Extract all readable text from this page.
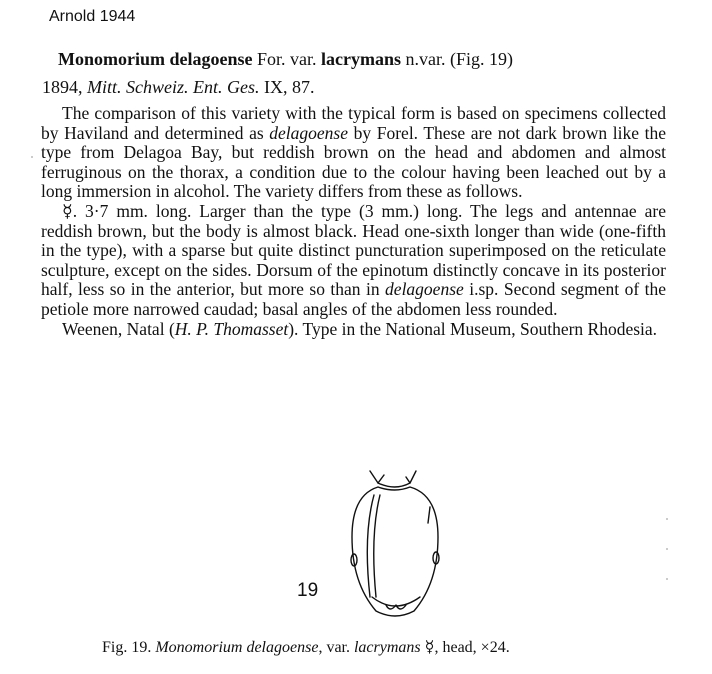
Arnold 1944
Monomorium delagoense For. var. lacrymans n.var. (Fig. 19)
1894, Mitt. Schweiz. Ent. Ges. IX, 87.

The comparison of this variety with the typical form is based on specimens collected by Haviland and determined as delagoense by Forel. These are not dark brown like the type from Delagoa Bay, but reddish brown on the head and abdomen and almost ferruginous on the thorax, a condition due to the colour having been leached out by a long immersion in alcohol. The variety differs from these as follows.

☿. 3·7 mm. long. Larger than the type (3 mm.) long. The legs and antennae are reddish brown, but the body is almost black. Head one-sixth longer than wide (one-fifth in the type), with a sparse but quite distinct puncturation superimposed on the reticulate sculpture, except on the sides. Dorsum of the epinotum distinctly concave in its posterior half, less so in the anterior, but more so than in delagoense i.sp. Second segment of the petiole more narrowed caudad; basal angles of the abdomen less rounded.

Weenen, Natal (H. P. Thomasset). Type in the National Museum, Southern Rhodesia.

19
Fig. 19. Monomorium delagoense, var. lacrymans ☿, head, ×24.
